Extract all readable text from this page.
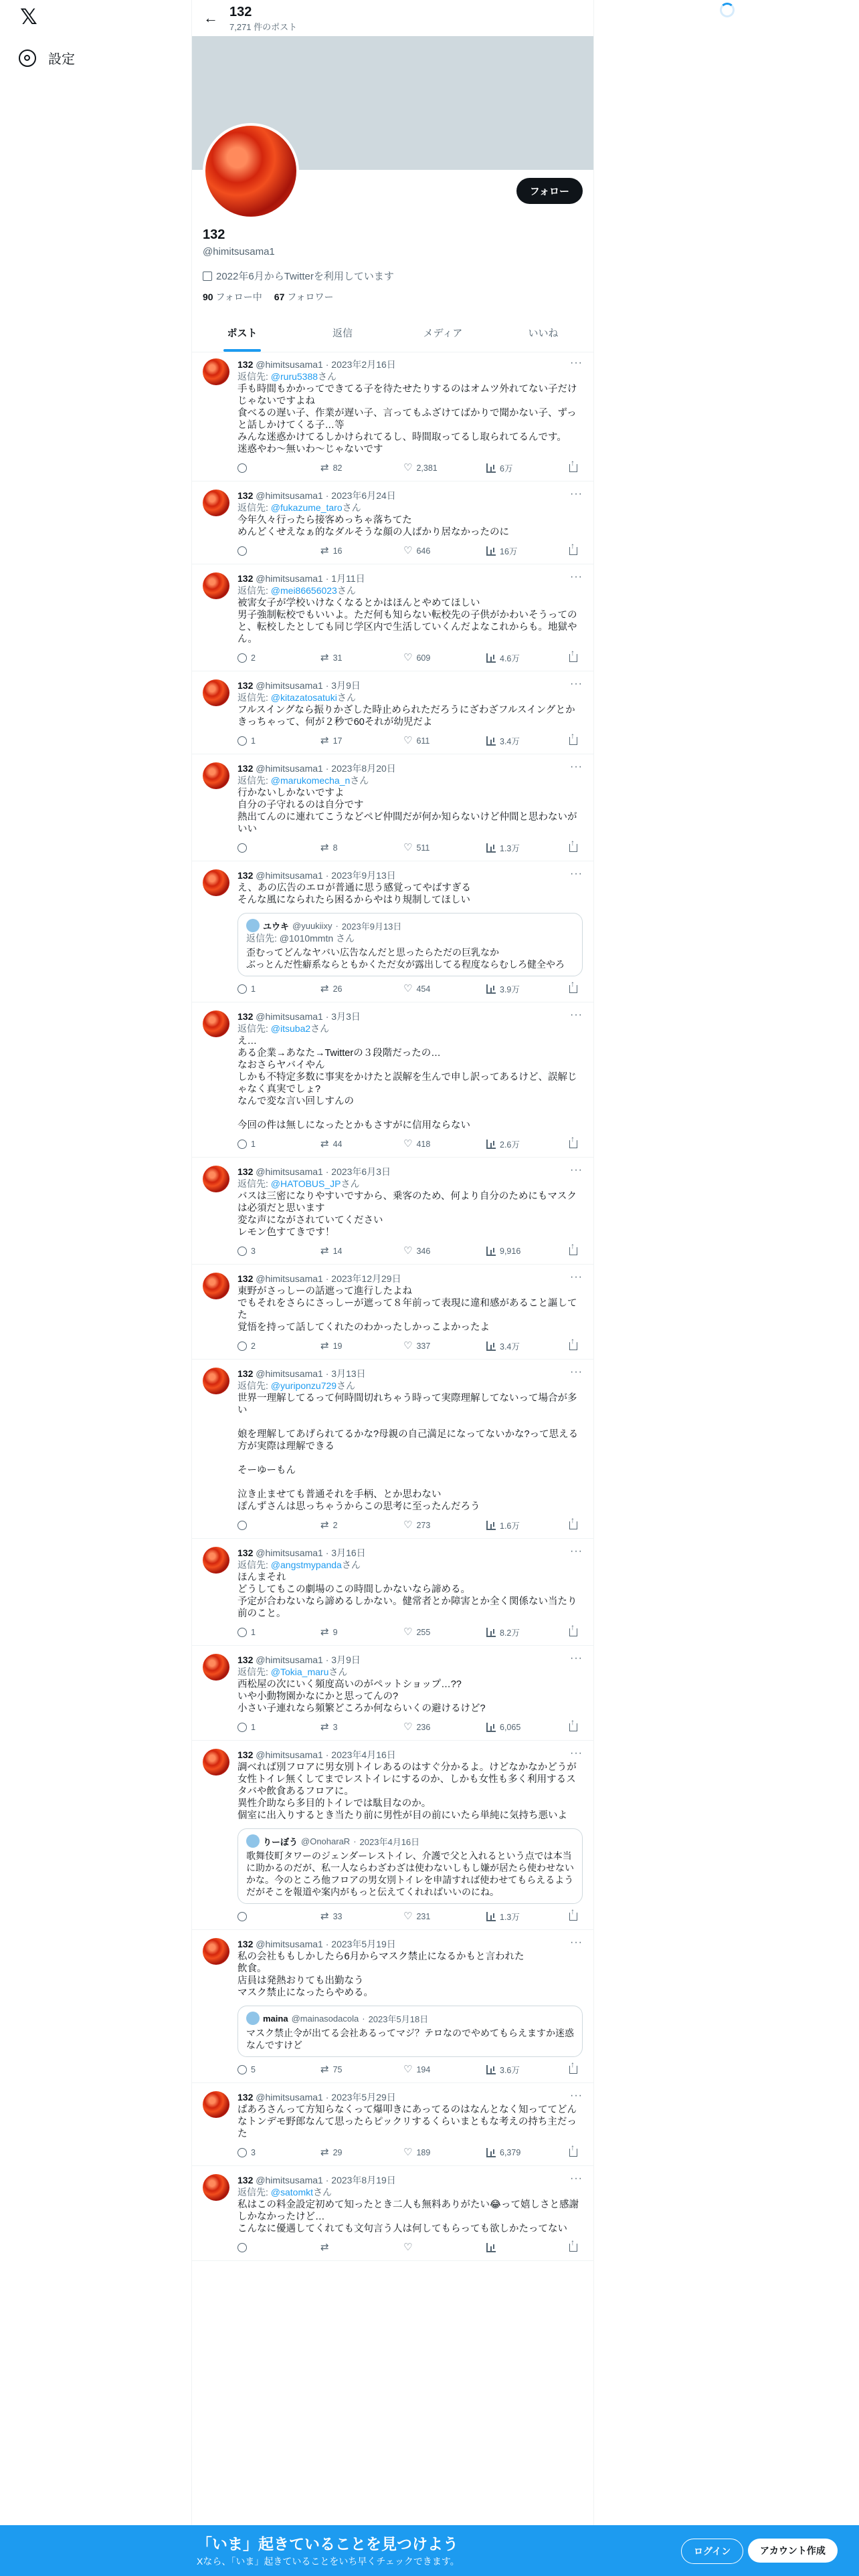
𝕏
設定
← 132
7,271 件のポスト
フォロー
132
@himitsusama1
2022年6月からTwitterを利用しています
90 フォロー中 67 フォロワー
ポスト	返信	メディア	いいね
···
132 @himitsusama1 · 2023年2月16日
返信先: @ruru5388さん
手も時間もかかってできてる子を待たせたりするのはオムツ外れてない子だけじゃないですよね
食べるの遅い子、作業が遅い子、言ってもふざけてばかりで聞かない子、ずっと話しかけてくる子…等
みんな迷惑かけてるしかけられてるし、時間取ってるし取られてるんです。
迷惑やわ〜無いわ〜じゃないです
⇄ 82	♡ 2,381	6万
↑
···
132 @himitsusama1 · 2023年6月24日
返信先: @fukazume_taroさん
今年久々行ったら接客めっちゃ落ちてた
めんどくせえなぁ的なダルそうな顔の人ばかり居なかったのに
⇄ 16	♡ 646	16万
↑
···
132 @himitsusama1 · 1月11日
返信先: @mei86656023さん
被害女子が学校いけなくなるとかはほんとやめてほしい
男子強制転校でもいいよ。ただ何も知らない転校先の子供がかわいそうってのと、転校したとしても同じ学区内で生活していくんだよなこれからも。地獄やん。
2	⇄ 31	♡ 609	4.6万
↑
···
132 @himitsusama1 · 3月9日
返信先: @kitazatosatukiさん
フルスイングなら振りかざした時止められただろうにざわざフルスイングとかきっちゃって、何が２秒で60それが幼児だよ
1	⇄ 17	♡ 611	3.4万
↑
···
132 @himitsusama1 · 2023年8月20日
返信先: @marukomecha_nさん
行かないしかないですよ
自分の子守れるのは自分です
熱出てんのに連れてこうなどペビ仲間だが何か知らないけど仲間と思わないがいい
⇄ 8	♡ 511	1.3万
↑
···
132 @himitsusama1 · 2023年9月13日
え、あの広告のエロが普通に思う感覚ってやばすぎる
そんな風になられたら困るからやはり規制してほしい
ユウキ @yuukiixy · 2023年9月13日
返信先: @1010mmtn さん
歪むってどんなヤバい広告なんだと思ったらただの巨乳なか
ぶっとんだ性癖系ならともかくただ女が露出してる程度ならむしろ健全やろ
1	⇄ 26	♡ 454	3.9万
↑
···
132 @himitsusama1 · 3月3日
返信先: @itsuba2さん
え…
ある企業→あなた→Twitterの３段階だったの…
なおさらヤバイやん
しかも不特定多数に事実をかけたと誤解を生んで申し訳ってあるけど、誤解じゃなく真実でしょ?
なんで変な言い回しすんの

今回の件は無しになったとかもさすがに信用ならない
1	⇄ 44	♡ 418	2.6万
↑
···
132 @himitsusama1 · 2023年6月3日
返信先: @HATOBUS_JPさん
バスは三密になりやすいですから、乗客のため、何より自分のためにもマスクは必須だと思います
変な声にながされていてください
レモン色すてきです！
3	⇄ 14	♡ 346	9,916
↑
···
132 @himitsusama1 · 2023年12月29日
東野がさっしーの話遮って進行したよね
でもそれをさらにさっしーが遮って８年前って表現に違和感があること謳してた
覚悟を持って話してくれたのわかったしかっこよかったよ
2	⇄ 19	♡ 337	3.4万
↑
···
132 @himitsusama1 · 3月13日
返信先: @yuriponzu729さん
世界一理解してるって何時間切れちゃう時って実際理解してないって場合が多い

娘を理解してあげられてるかな?母親の自己満足になってないかな?って思える方が実際は理解できる

そーゆーもん

泣き止ませても普通それを手柄、とか思わない
ぽんずさんは思っちゃうからこの思考に至ったんだろう
⇄ 2	♡ 273	1.6万
↑
···
132 @himitsusama1 · 3月16日
返信先: @angstmypandaさん
ほんまそれ
どうしてもこの劇場のこの時間しかないなら諦める。
予定が合わないなら諦めるしかない。健常者とか障害とか全く関係ない当たり前のこと。
1	⇄ 9	♡ 255	8.2万
↑
···
132 @himitsusama1 · 3月9日
返信先: @Tokia_maruさん
西松屋の次にいく頻度高いのがペットショップ…??
いや小動物園かなにかと思ってんの?
小さい子連れなら頻繁どころか何ならいくの避けるけど?
1	⇄ 3	♡ 236	6,065
↑
···
132 @himitsusama1 · 2023年4月16日
調べれば別フロアに男女別トイレあるのはすぐ分かるよ。けどなかなかどうが女性トイレ無くしてまでレストイレにするのか、しかも女性も多く利用するスタバや飲食あるフロアに。
異性介助なら多目的トイレでは駄目なのか。
個室に出入りするとき当たり前に男性が目の前にいたら単純に気持ち悪いよ
りーぼう @OnoharaR · 2023年4月16日
歌舞伎町タワーのジェンダーレストイレ、介護で父と入れるという点では本当に助かるのだが、私一人ならわざわざは使わないしもし嫌が居たら使わせないかな。今のところ他フロアの男女別トイレを申請すれば使わせてもらえるようだがそこを報道や案内がもっと伝えてくれればいいのにね。
⇄ 33	♡ 231	1.3万
↑
···
132 @himitsusama1 · 2023年5月19日
私の会社ももしかしたら6月からマスク禁止になるかもと言われた
飲食。
店員は発熱おりても出勤なう
マスク禁止になったらやめる。
maina @mainasodacola · 2023年5月18日
マスク禁止令が出てる会社あるってマジ？テロなのでやめてもらえますか迷惑なんですけど
5	⇄ 75	♡ 194	3.6万
↑
···
132 @himitsusama1 · 2023年5月29日
ぱあろさんって方知らなくって爆叩きにあってるのはなんとなく知っててどんなトンデモ野郎なんて思ったらピックリするくらいまともな考えの持ち主だった
3	⇄ 29	♡ 189	6,379
↑
···
132 @himitsusama1 · 2023年8月19日
返信先: @satomktさん
私はこの料金設定初めて知ったとき二人も無料ありがたい😂って嬉しさと感謝しかなかったけど…
こんなに優遇してくれても文句言う人は何してもらっても欲しかたってない
⇄	♡
↑
「いま」起きていることを見つけよう
Xなら、「いま」起きていることをいち早くチェックできます。
ログイン	アカウント作成
